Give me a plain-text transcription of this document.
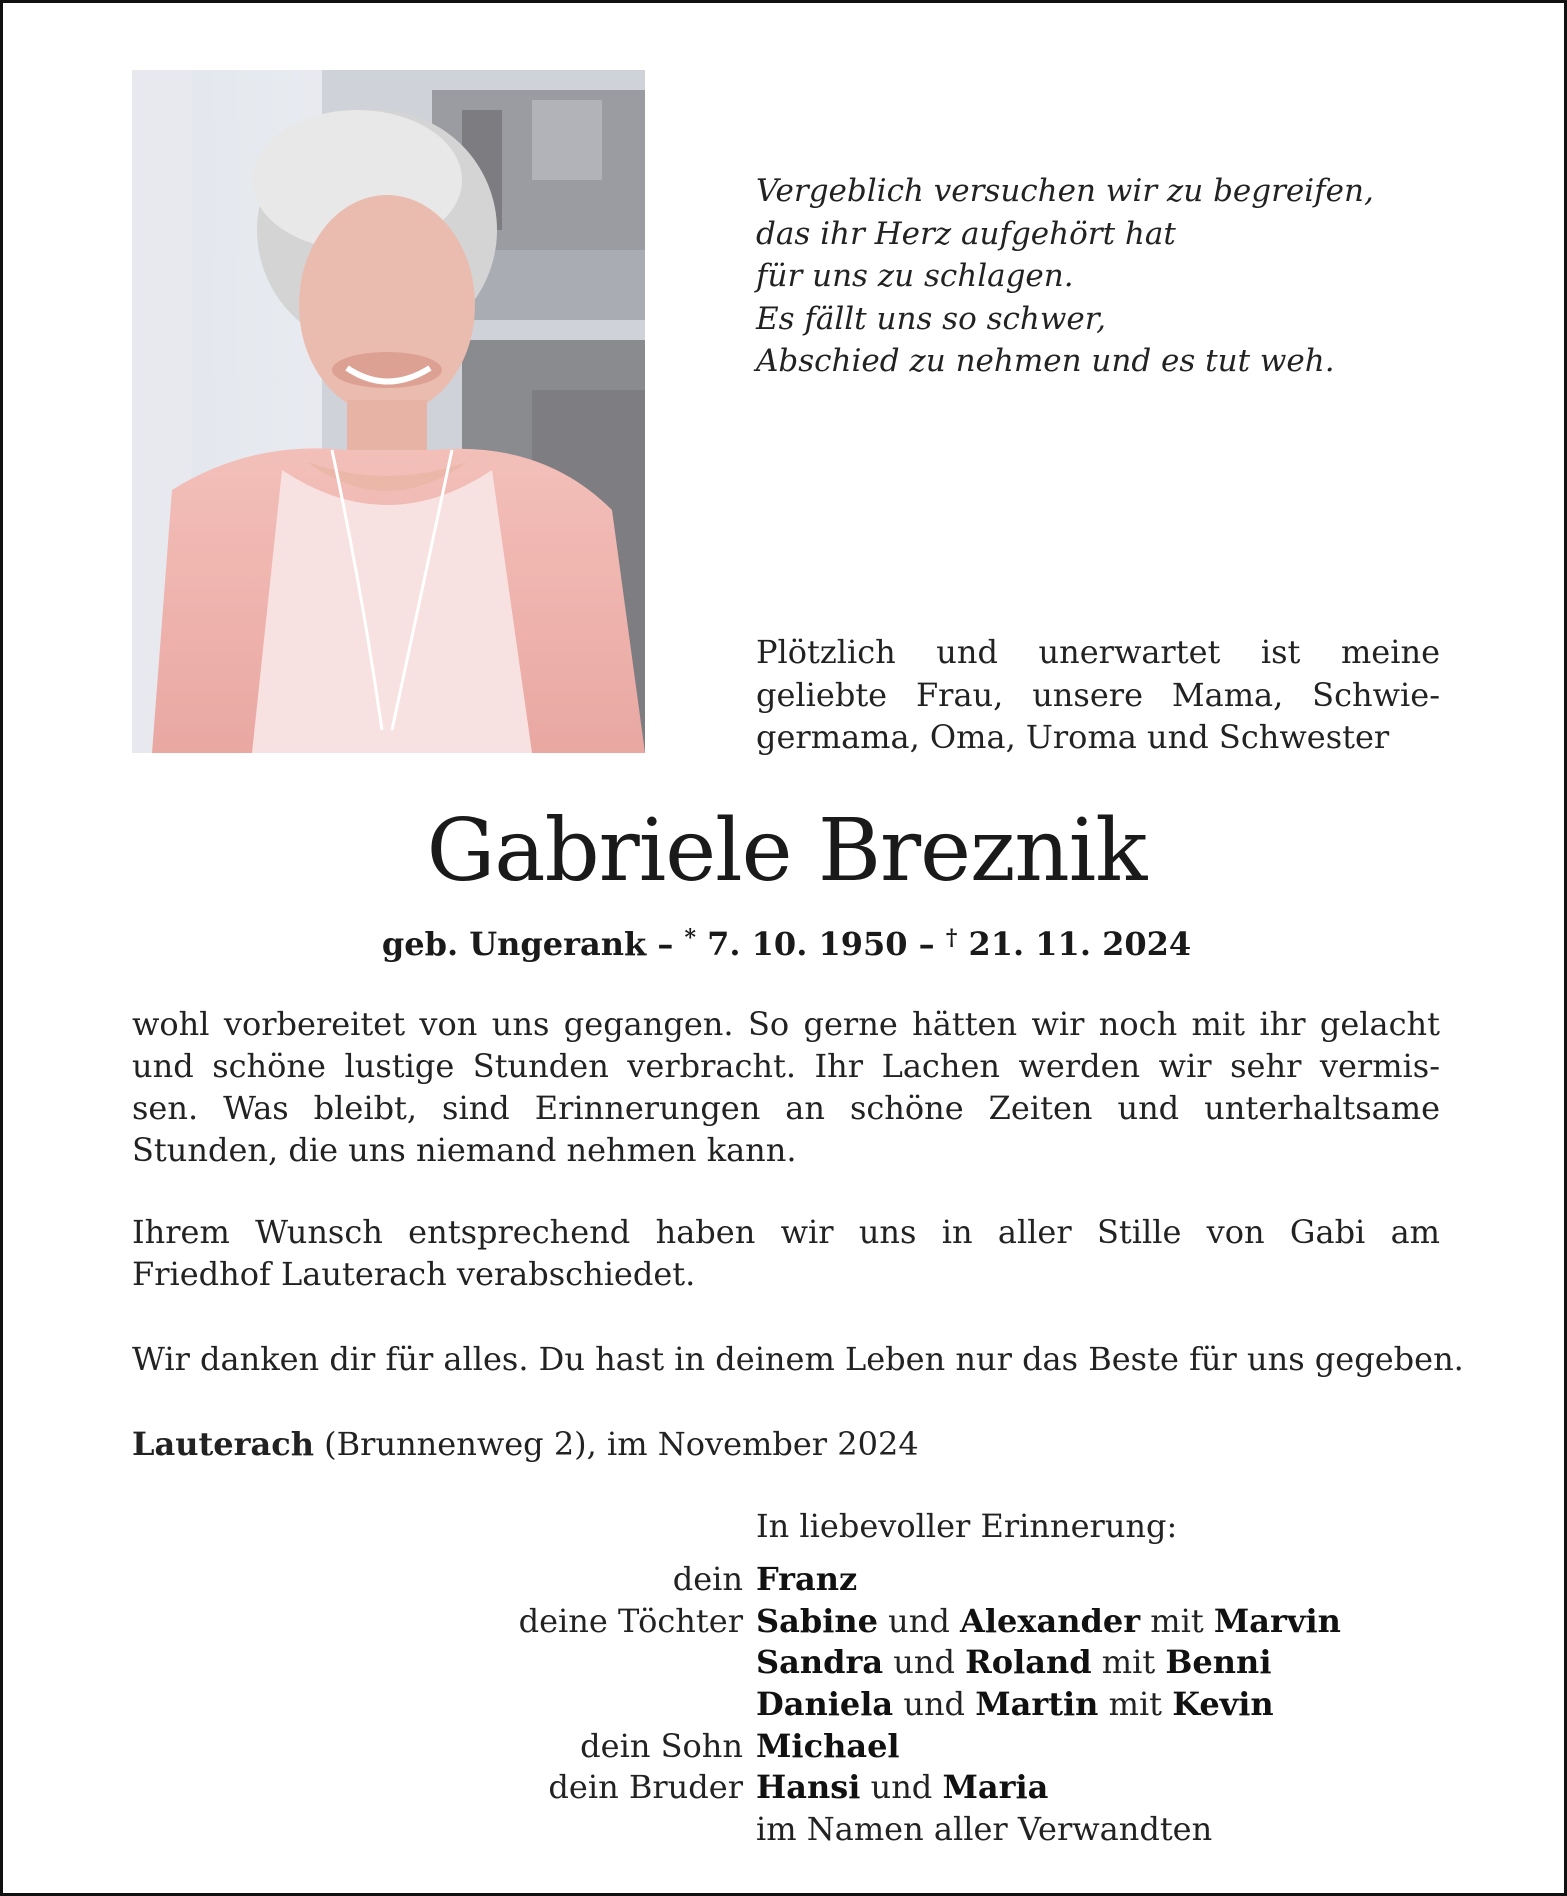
Vergeblich versuchen wir zu begreifen,
das ihr Herz aufgehört hat
für uns zu schlagen.
Es fällt uns so schwer,
Abschied zu nehmen und es tut weh.
Plötzlich und unerwartet ist meine
geliebte Frau, unsere Mama, Schwie-
germama, Oma, Uroma und Schwester
Gabriele Breznik
geb. Ungerank – * 7. 10. 1950 – † 21. 11. 2024
wohl vorbereitet von uns gegangen. So gerne hätten wir noch mit ihr gelacht
und schöne lustige Stunden verbracht. Ihr Lachen werden wir sehr vermis-
sen. Was bleibt, sind Erinnerungen an schöne Zeiten und unterhaltsame
Stunden, die uns niemand nehmen kann.
Ihrem Wunsch entsprechend haben wir uns in aller Stille von Gabi am
Friedhof Lauterach verabschiedet.
Wir danken dir für alles. Du hast in deinem Leben nur das Beste für uns gegeben.
Lauterach (Brunnenweg 2), im November 2024
In liebevoller Erinnerung:
dein Franz
deine Töchter Sabine und Alexander mit Marvin
Sandra und Roland mit Benni
Daniela und Martin mit Kevin
dein Sohn Michael
dein Bruder Hansi und Maria
im Namen aller Verwandten
